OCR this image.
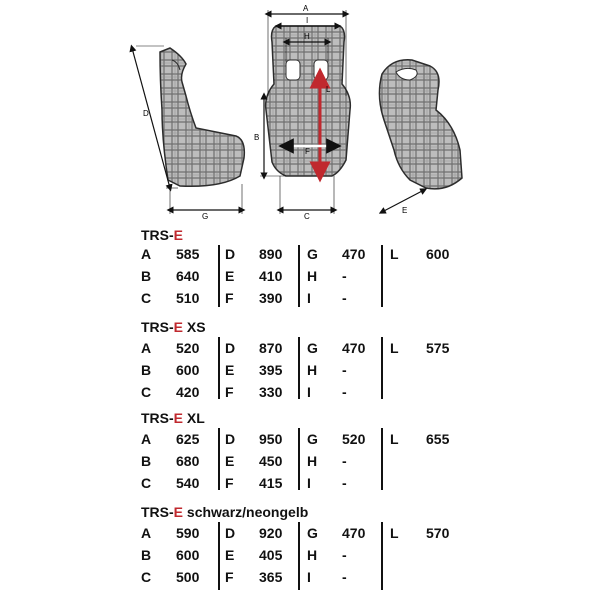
D
G
A
I
H
B
L
F
C
E
TRS-E
A 585 D 890 G 470 L 600
B 640 E 410 H -
C 510 F 390 I -
TRS-E XS
A 520 D 870 G 470 L 575
B 600 E 395 H -
C 420 F 330 I -
TRS-E XL
A 625 D 950 G 520 L 655
B 680 E 450 H -
C 540 F 415 I -
TRS-E schwarz/neongelb
A 590 D 920 G 470 L 570
B 600 E 405 H -
C 500 F 365 I -
